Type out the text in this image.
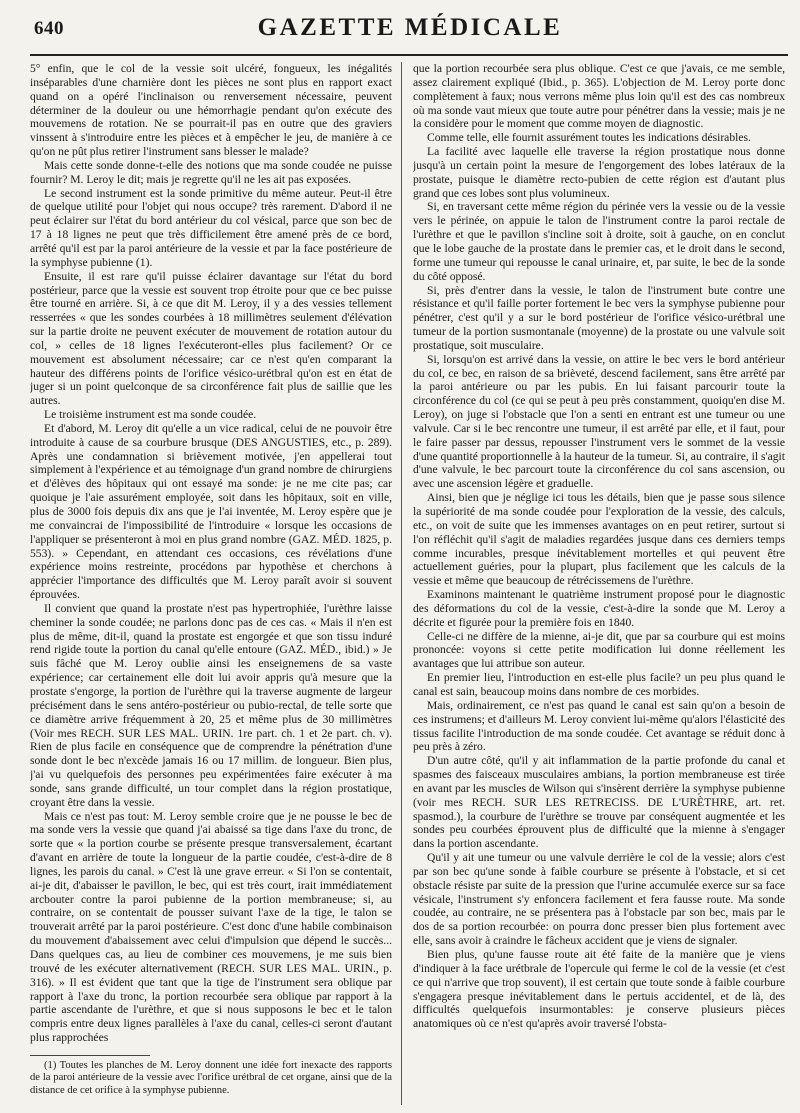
640	GAZETTE MÉDICALE

5° enfin, que le col de la vessie soit ulcéré, fongueux, les inégalités inséparables d'une charnière dont les pièces ne sont plus en rapport exact quand on a opéré l'inclinaison ou renversement nécessaire, peuvent déterminer de la douleur ou une hémorrhagie pendant qu'on exécute des mouvemens de rotation. Ne se pourrait-il pas en outre que des graviers vinssent à s'introduire entre les pièces et à empêcher le jeu, de manière à ce qu'on ne pût plus retirer l'instrument sans blesser le malade?

Mais cette sonde donne-t-elle des notions que ma sonde coudée ne puisse fournir? M. Leroy le dit; mais je regrette qu'il ne les ait pas exposées.

Le second instrument est la sonde primitive du même auteur. Peut-il être de quelque utilité pour l'objet qui nous occupe? très rarement. D'abord il ne peut éclairer sur l'état du bord antérieur du col vésical, parce que son bec de 17 à 18 lignes ne peut que très difficilement être amené près de ce bord, arrêté qu'il est par la paroi antérieure de la vessie et par la face postérieure de la symphyse pubienne (1).

Ensuite, il est rare qu'il puisse éclairer davantage sur l'état du bord postérieur, parce que la vessie est souvent trop étroite pour que ce bec puisse être tourné en arrière. Si, à ce que dit M. Leroy, il y a des vessies tellement resserrées « que les sondes courbées à 18 millimètres seulement d'élévation sur la partie droite ne peuvent exécuter de mouvement de rotation autour du col, » celles de 18 lignes l'exécuteront-elles plus facilement? Or ce mouvement est absolument nécessaire; car ce n'est qu'en comparant la hauteur des différens points de l'orifice vésico-urétbral qu'on est en état de juger si un point quelconque de sa circonférence fait plus de saillie que les autres.

Le troisième instrument est ma sonde coudée.

Et d'abord, M. Leroy dit qu'elle a un vice radical, celui de ne pouvoir être introduite à cause de sa courbure brusque (DES ANGUSTIES, etc., p. 289). Après une condamnation si brièvement motivée, j'en appellerai tout simplement à l'expérience et au témoignage d'un grand nombre de chirurgiens et d'élèves des hôpitaux qui ont essayé ma sonde: je ne me cite pas; car quoique je l'aie assurément employée, soit dans les hôpitaux, soit en ville, plus de 3000 fois depuis dix ans que je l'ai inventée, M. Leroy espère que je me convaincrai de l'impossibilité de l'introduire « lorsque les occasions de l'appliquer se présenteront à moi en plus grand nombre (GAZ. MÉD. 1825, p. 553). » Cependant, en attendant ces occasions, ces révélations d'une expérience moins restreinte, procédons par hypothèse et cherchons à apprécier l'importance des difficultés que M. Leroy paraît avoir si souvent éprouvées.

Il convient que quand la prostate n'est pas hypertrophiée, l'urèthre laisse cheminer la sonde coudée; ne parlons donc pas de ces cas. « Mais il n'en est plus de même, dit-il, quand la prostate est engorgée et que son tissu induré rend rigide toute la portion du canal qu'elle entoure (GAZ. MÉD., ibid.) » Je suis fâché que M. Leroy oublie ainsi les enseignemens de sa vaste expérience; car certainement elle doit lui avoir appris qu'à mesure que la prostate s'engorge, la portion de l'urèthre qui la traverse augmente de largeur précisément dans le sens antéro-postérieur ou pubio-rectal, de telle sorte que ce diamètre arrive fréquemment à 20, 25 et même plus de 30 millimètres (Voir mes RECH. SUR LES MAL. URIN. 1re part. ch. 1 et 2e part. ch. v). Rien de plus facile en conséquence que de comprendre la pénétration d'une sonde dont le bec n'excède jamais 16 ou 17 millim. de longueur. Bien plus, j'ai vu quelquefois des personnes peu expérimentées faire exécuter à ma sonde, sans grande difficulté, un tour complet dans la région prostatique, croyant être dans la vessie.

Mais ce n'est pas tout: M. Leroy semble croire que je ne pousse le bec de ma sonde vers la vessie que quand j'ai abaissé sa tige dans l'axe du tronc, de sorte que « la portion courbe se présente presque transversalement, écartant d'avant en arrière de toute la longueur de la partie coudée, c'est-à-dire de 8 lignes, les parois du canal. » C'est là une grave erreur. « Si l'on se contentait, ai-je dit, d'abaisser le pavillon, le bec, qui est très court, irait immédiatement arcbouter contre la paroi pubienne de la portion membraneuse; si, au contraire, on se contentait de pousser suivant l'axe de la tige, le talon se trouverait arrêté par la paroi postérieure. C'est donc d'une habile combinaison du mouvement d'abaissement avec celui d'impulsion que dépend le succès... Dans quelques cas, au lieu de combiner ces mouvemens, je me suis bien trouvé de les exécuter alternativement (RECH. SUR LES MAL. URIN., p. 316). » Il est évident que tant que la tige de l'instrument sera oblique par rapport à l'axe du tronc, la portion recourbée sera oblique par rapport à la partie ascendante de l'urèthre, et que si nous supposons le bec et le talon compris entre deux lignes parallèles à l'axe du canal, celles-ci seront d'autant plus rapprochées

(1) Toutes les planches de M. Leroy donnent une idée fort inexacte des rapports de la paroi antérieure de la vessie avec l'orifice urétbral de cet organe, ainsi que de la distance de cet orifice à la symphyse pubienne.

que la portion recourbée sera plus oblique. C'est ce que j'avais, ce me semble, assez clairement expliqué (Ibid., p. 365). L'objection de M. Leroy porte donc complètement à faux; nous verrons même plus loin qu'il est des cas nombreux où ma sonde vaut mieux que toute autre pour pénétrer dans la vessie; mais je ne la considère pour le moment que comme moyen de diagnostic.

Comme telle, elle fournit assurément toutes les indications désirables.

La facilité avec laquelle elle traverse la région prostatique nous donne jusqu'à un certain point la mesure de l'engorgement des lobes latéraux de la prostate, puisque le diamètre recto-pubien de cette région est d'autant plus grand que ces lobes sont plus volumineux.

Si, en traversant cette même région du périnée vers la vessie ou de la vessie vers le périnée, on appuie le talon de l'instrument contre la paroi rectale de l'urèthre et que le pavillon s'incline soit à droite, soit à gauche, on en conclut que le lobe gauche de la prostate dans le premier cas, et le droit dans le second, forme une tumeur qui repousse le canal urinaire, et, par suite, le bec de la sonde du côté opposé.

Si, près d'entrer dans la vessie, le talon de l'instrument bute contre une résistance et qu'il faille porter fortement le bec vers la symphyse pubienne pour pénétrer, c'est qu'il y a sur le bord postérieur de l'orifice vésico-urétbral une tumeur de la portion susmontanale (moyenne) de la prostate ou une valvule soit prostatique, soit musculaire.

Si, lorsqu'on est arrivé dans la vessie, on attire le bec vers le bord antérieur du col, ce bec, en raison de sa brièveté, descend facilement, sans être arrêté par la paroi antérieure ou par les pubis. En lui faisant parcourir toute la circonférence du col (ce qui se peut à peu près constamment, quoiqu'en dise M. Leroy), on juge si l'obstacle que l'on a senti en entrant est une tumeur ou une valvule. Car si le bec rencontre une tumeur, il est arrêté par elle, et il faut, pour le faire passer par dessus, repousser l'instrument vers le sommet de la vessie d'une quantité proportionnelle à la hauteur de la tumeur. Si, au contraire, il s'agit d'une valvule, le bec parcourt toute la circonférence du col sans ascension, ou avec une ascension légère et graduelle.

Ainsi, bien que je néglige ici tous les détails, bien que je passe sous silence la supériorité de ma sonde coudée pour l'exploration de la vessie, des calculs, etc., on voit de suite que les immenses avantages on en peut retirer, surtout si l'on réfléchit qu'il s'agit de maladies regardées jusque dans ces derniers temps comme incurables, presque inévitablement mortelles et qui peuvent être actuellement guéries, pour la plupart, plus facilement que les calculs de la vessie et même que beaucoup de rétrécissemens de l'urèthre.

Examinons maintenant le quatrième instrument proposé pour le diagnostic des déformations du col de la vessie, c'est-à-dire la sonde que M. Leroy a décrite et figurée pour la première fois en 1840.

Celle-ci ne diffère de la mienne, ai-je dit, que par sa courbure qui est moins prononcée: voyons si cette petite modification lui donne réellement les avantages que lui attribue son auteur.

En premier lieu, l'introduction en est-elle plus facile? un peu plus quand le canal est sain, beaucoup moins dans nombre de ces morbides.

Mais, ordinairement, ce n'est pas quand le canal est sain qu'on a besoin de ces instrumens; et d'ailleurs M. Leroy convient lui-même qu'alors l'élasticité des tissus facilite l'introduction de ma sonde coudée. Cet avantage se réduit donc à peu près à zéro.

D'un autre côté, qu'il y ait inflammation de la partie profonde du canal et spasmes des faisceaux musculaires ambians, la portion membraneuse est tirée en avant par les muscles de Wilson qui s'insèrent derrière la symphyse pubienne (voir mes RECH. SUR LES RETRECISS. DE L'URÈTHRE, art. ret. spasmod.), la courbure de l'urèthre se trouve par conséquent augmentée et les sondes peu courbées éprouvent plus de difficulté que la mienne à s'engager dans la portion ascendante.

Qu'il y ait une tumeur ou une valvule derrière le col de la vessie; alors c'est par son bec qu'une sonde à faible courbure se présente à l'obstacle, et si cet obstacle résiste par suite de la pression que l'urine accumulée exerce sur sa face vésicale, l'instrument s'y enfoncera facilement et fera fausse route. Ma sonde coudée, au contraire, ne se présentera pas à l'obstacle par son bec, mais par le dos de sa portion recourbée: on pourra donc presser bien plus fortement avec elle, sans avoir à craindre le fâcheux accident que je viens de signaler.

Bien plus, qu'une fausse route ait été faite de la manière que je viens d'indiquer à la face urétbrale de l'opercule qui ferme le col de la vessie (et c'est ce qui n'arrive que trop souvent), il est certain que toute sonde à faible courbure s'engagera presque inévitablement dans le pertuis accidentel, et de là, des difficultés quelquefois insurmontables: je conserve plusieurs pièces anatomiques où ce n'est qu'après avoir traversé l'obsta-
